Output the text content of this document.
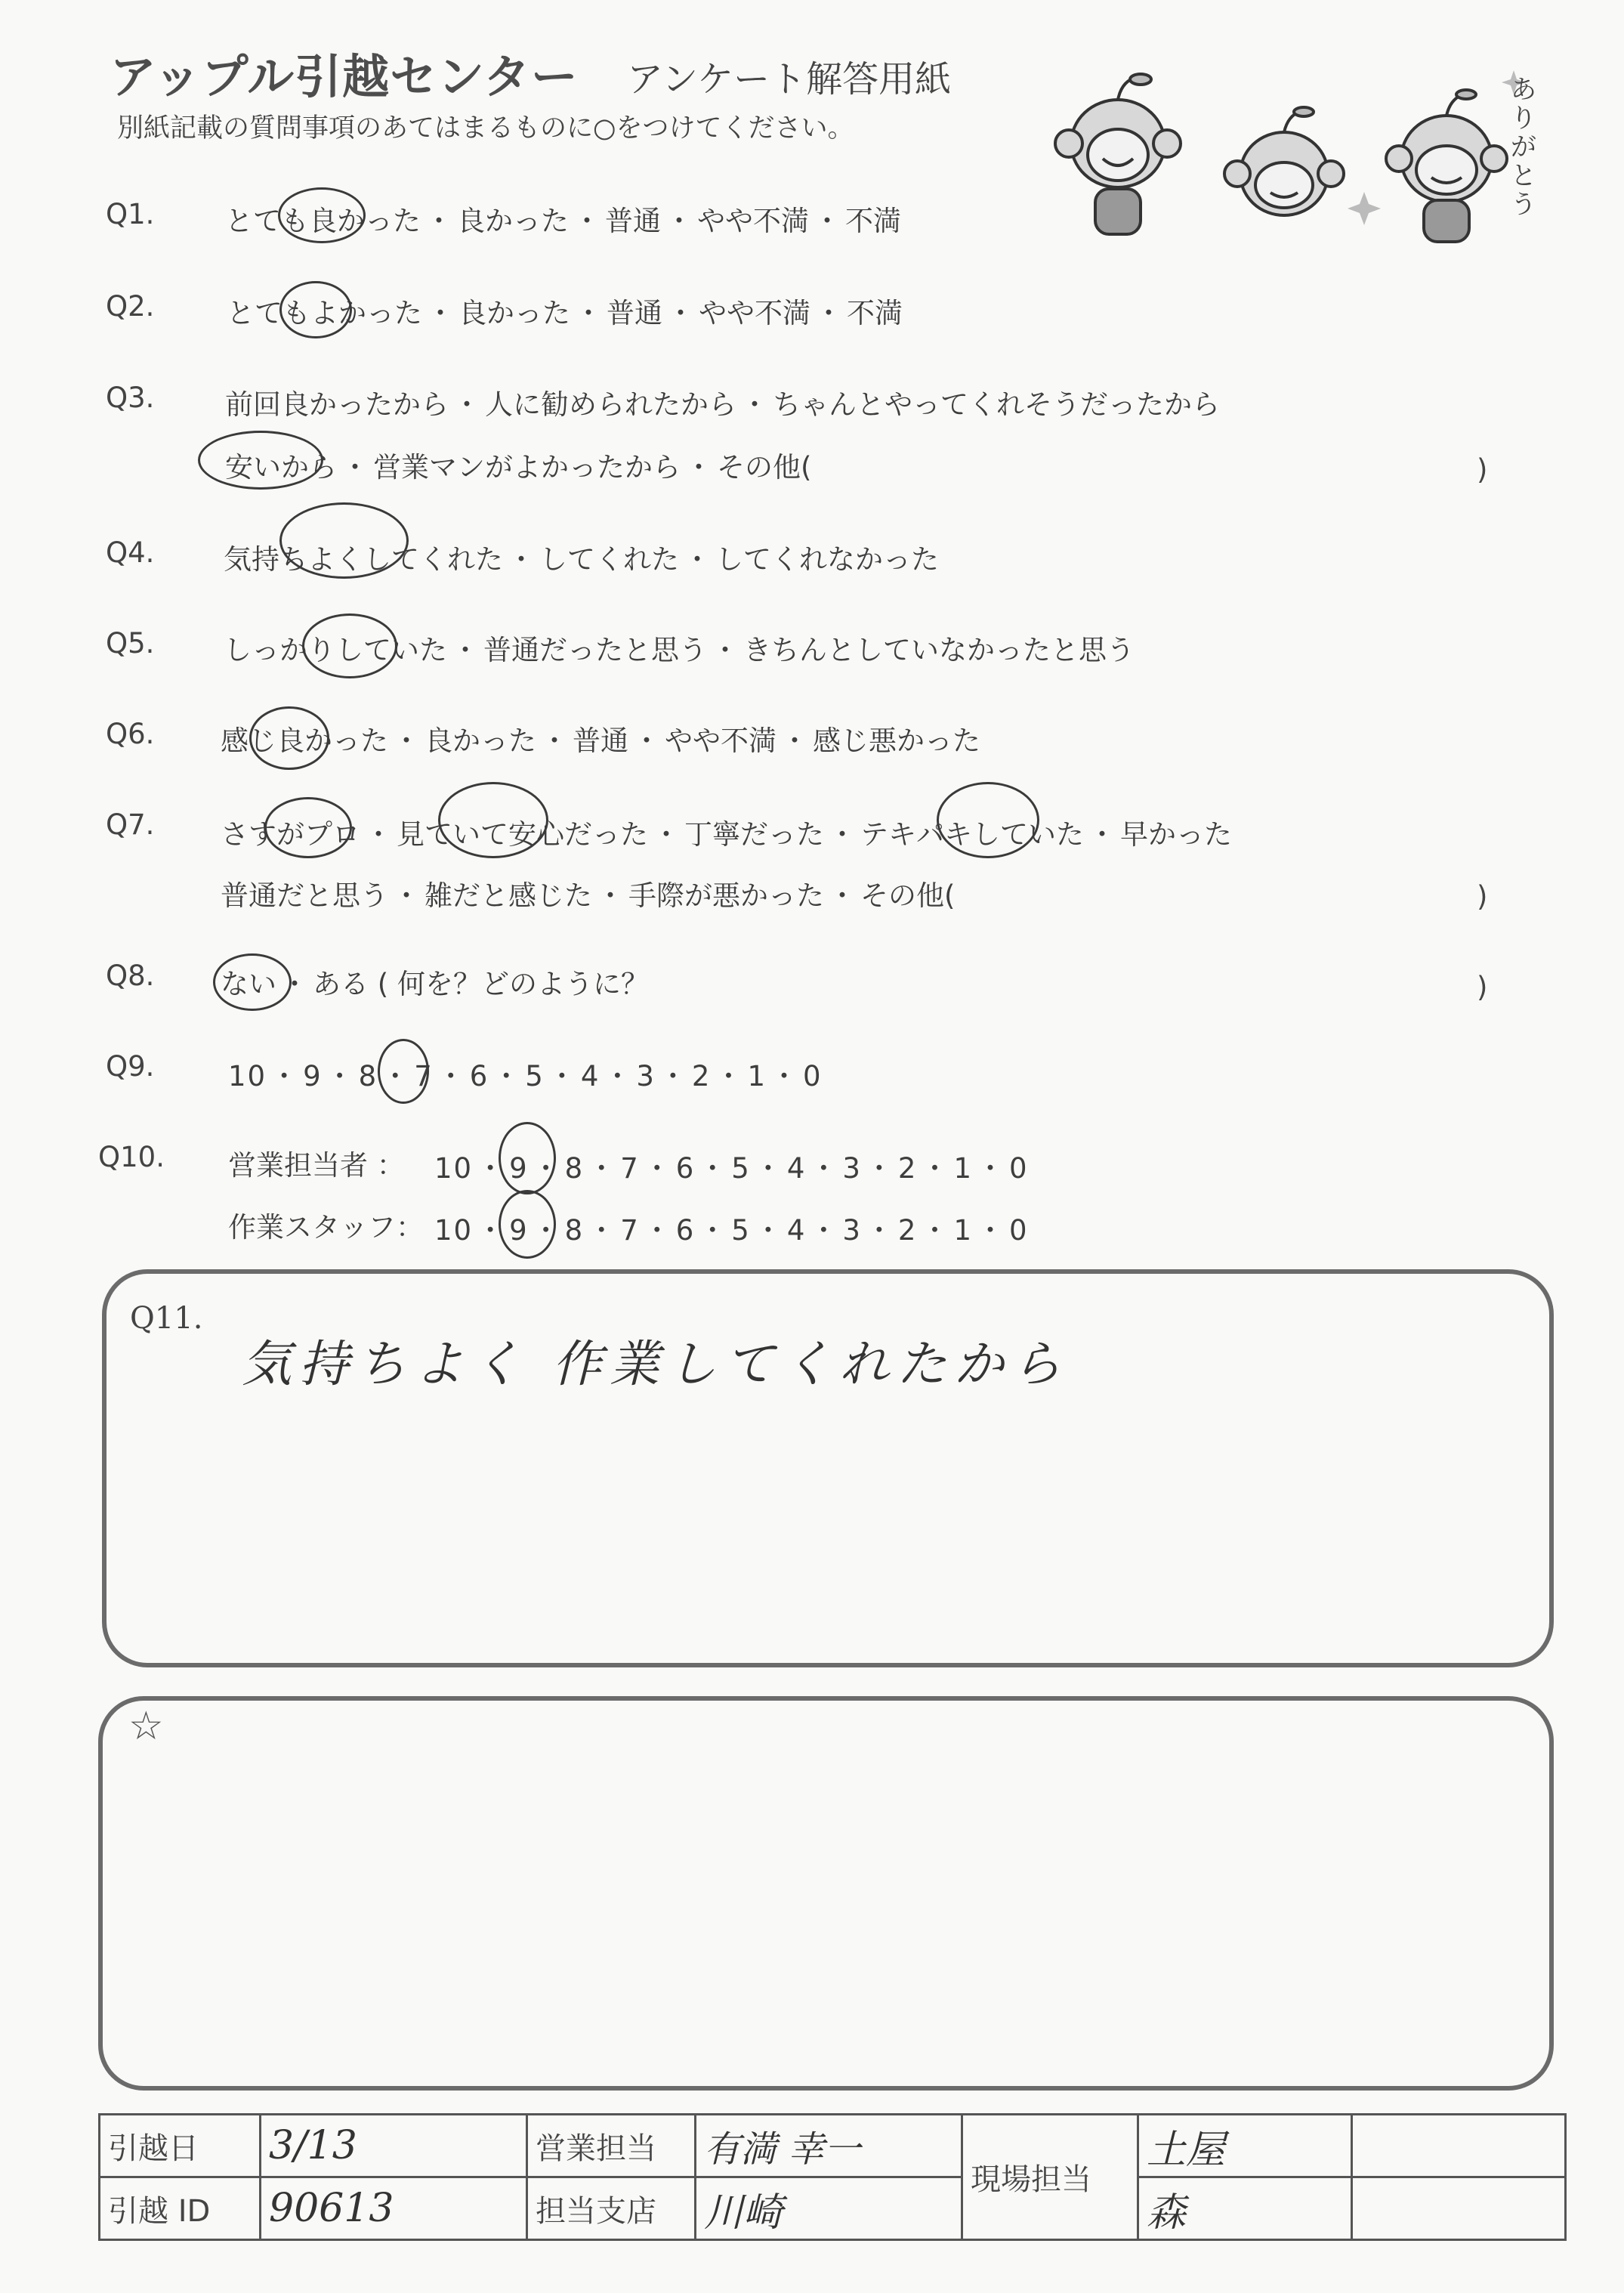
アップル引越センター アンケート解答用紙
別紙記載の質問事項のあてはまるものに○をつけてください。
ありがとう
Q1.	とても良かった ・ 良かった ・ 普通 ・ やや不満 ・ 不満
Q2.	とてもよかった ・ 良かった ・ 普通 ・ やや不満 ・ 不満
Q3.	前回良かったから ・ 人に勧められたから ・ ちゃんとやってくれそうだったから
安いから ・ 営業マンがよかったから ・ その他(	)
Q4. 気持ちよくしてくれた ・ してくれた ・ してくれなかった
Q5. しっかりしていた ・ 普通だったと思う ・ きちんとしていなかったと思う
Q6. 感じ良かった ・ 良かった ・ 普通 ・ やや不満 ・ 感じ悪かった
Q7. さすがプロ ・ 見ていて安心だった ・ 丁寧だった ・ テキパキしていた ・ 早かった
普通だと思う ・ 雑だと感じた ・ 手際が悪かった ・ その他(	)
Q8. ない ・ ある ( 何を？どのように？	)
Q9.	10 ・ 9 ・ 8 ・ 7 ・ 6 ・ 5 ・ 4 ・ 3 ・ 2 ・ 1 ・ 0
Q10. 営業担当者 ： 10 ・ 9 ・ 8 ・ 7 ・ 6 ・ 5 ・ 4 ・ 3 ・ 2 ・ 1 ・ 0
作業スタッフ： 10 ・ 9 ・ 8 ・ 7 ・ 6 ・ 5 ・ 4 ・ 3 ・ 2 ・ 1 ・ 0
Q11.
気持ちよく 作業してくれたから
☆
引越日	3/13	営業担当	有満 幸一	現場担当	土屋	
引越 ID	90613	担当支店	川崎		森	
